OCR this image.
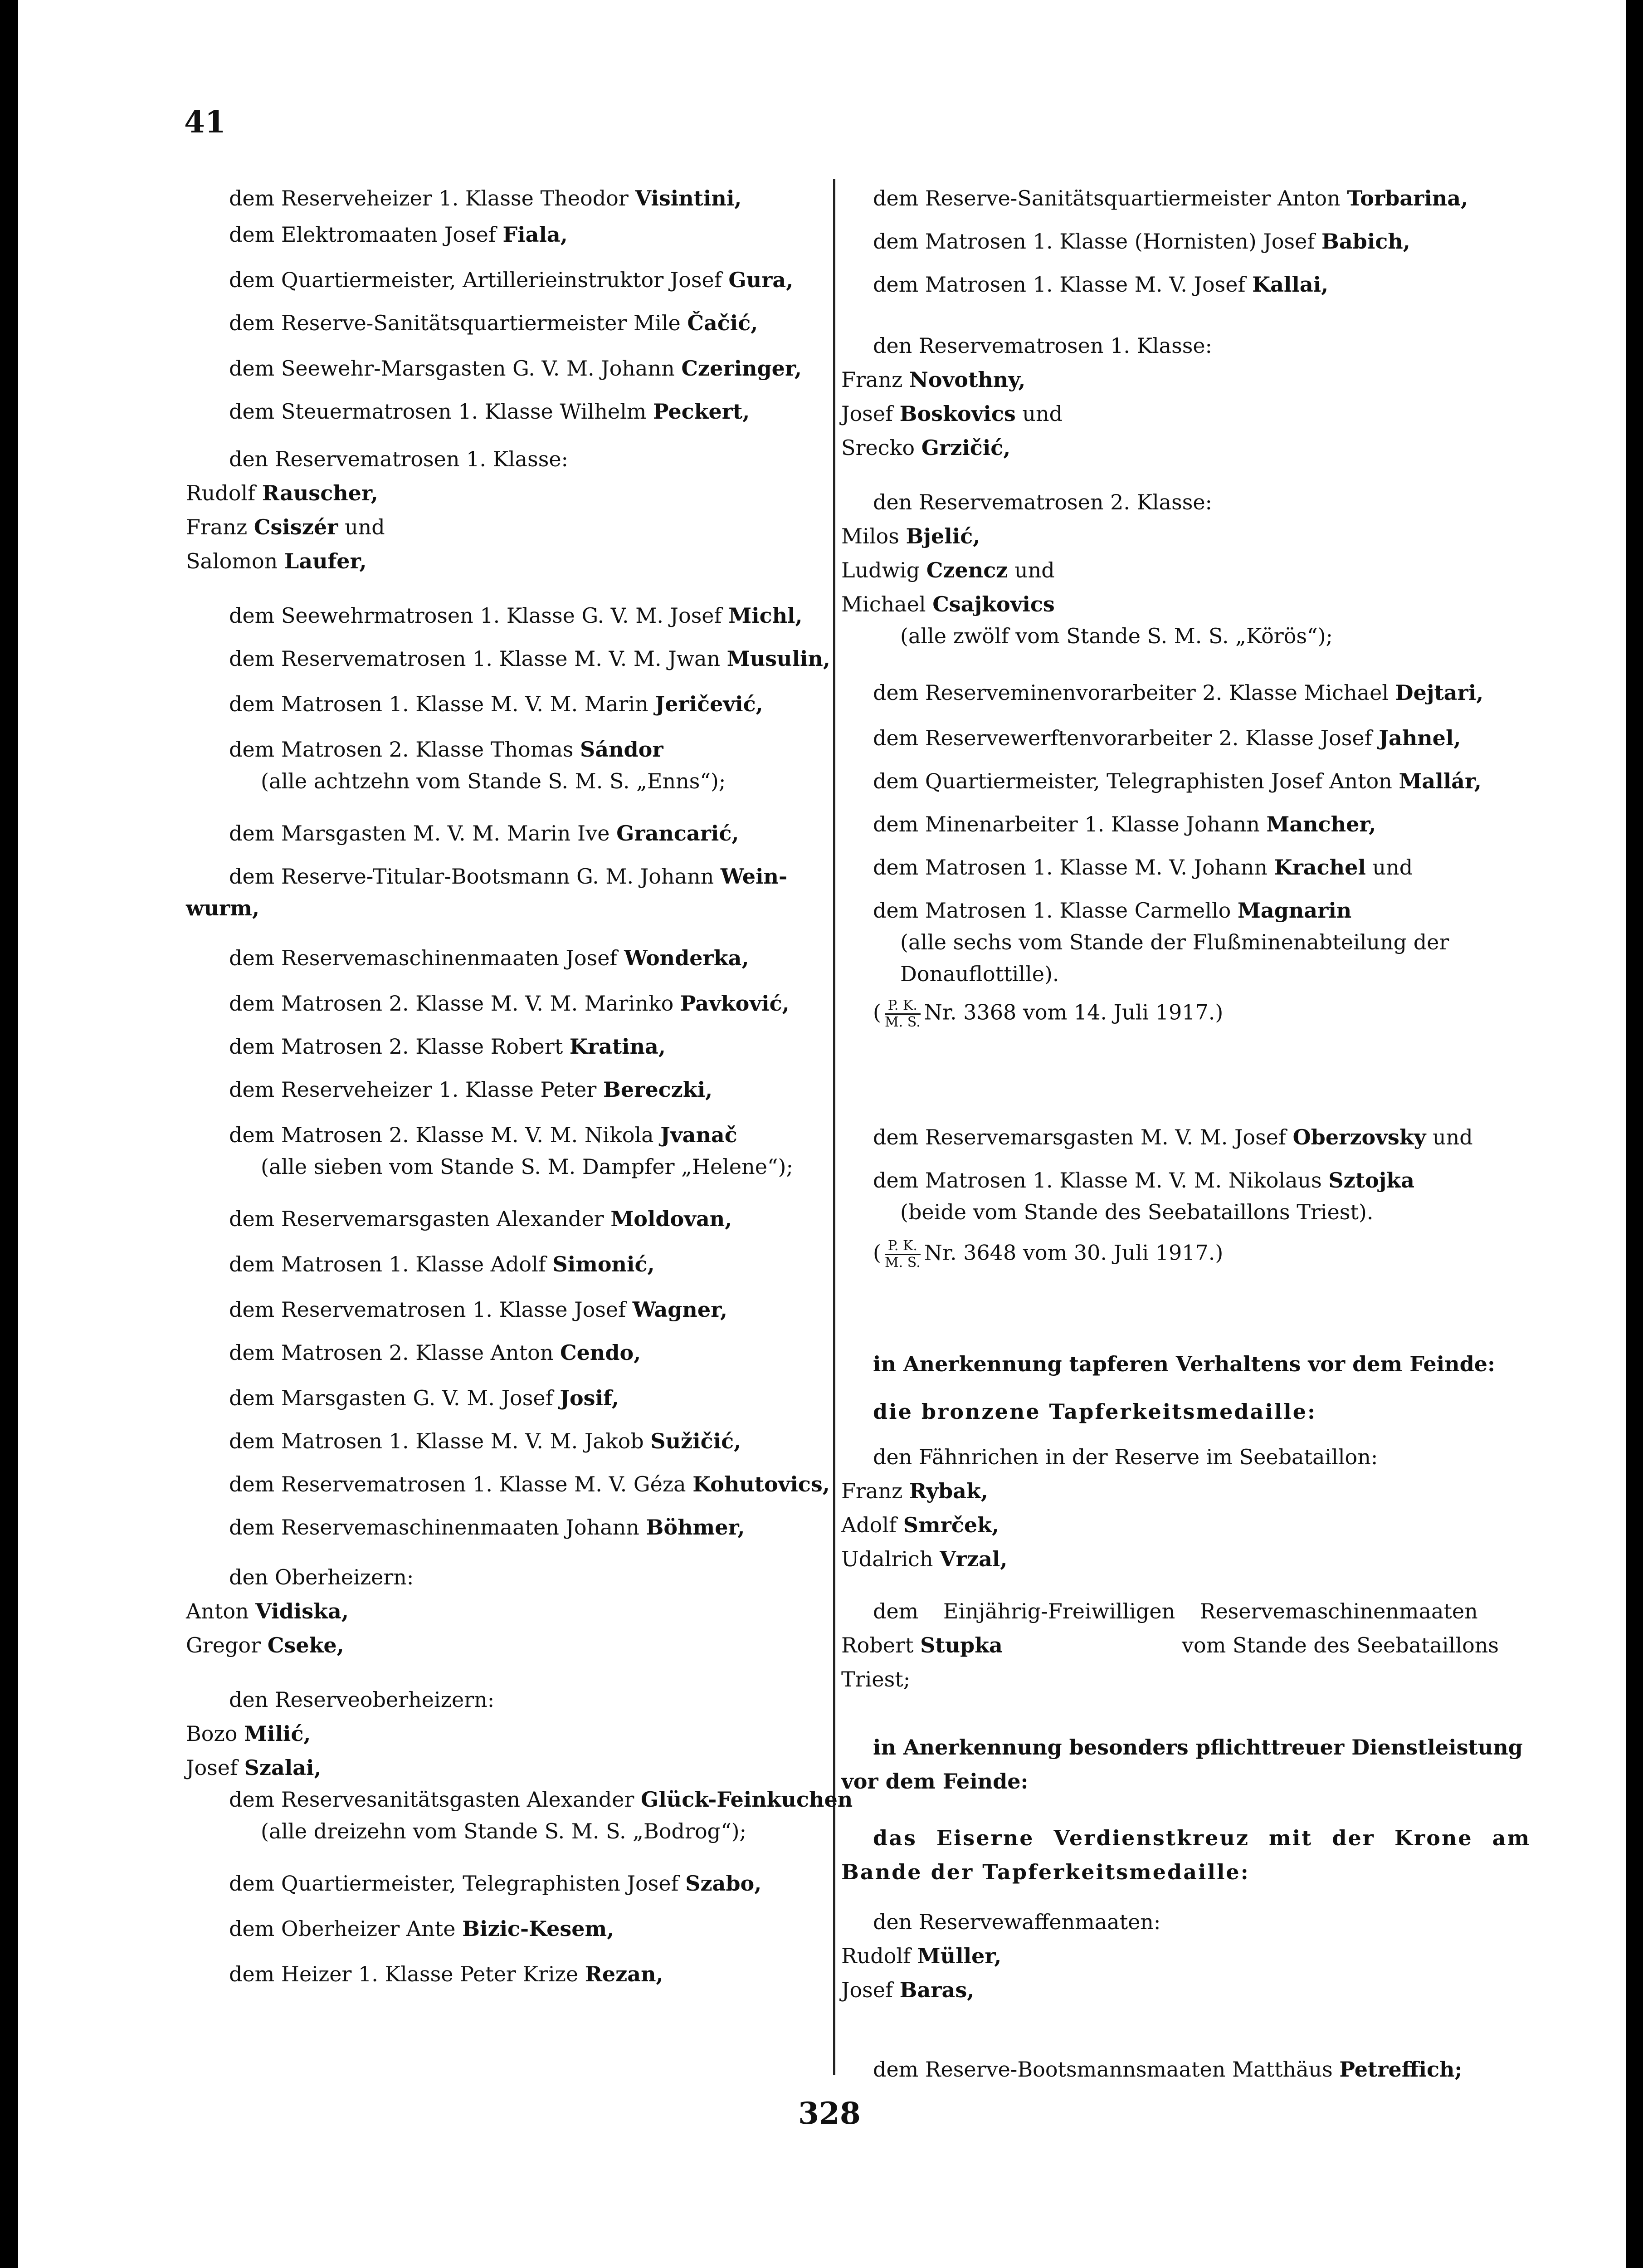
41
dem Reserveheizer 1. Klasse Theodor Visintini,
dem Elektromaaten Josef Fiala,
dem Quartiermeister, Artillerieinstruktor Josef Gura,
dem Reserve-Sanitätsquartiermeister Mile Čačić,
dem Seewehr-Marsgasten G. V. M. Johann Czeringer,
dem Steuermatrosen 1. Klasse Wilhelm Peckert,
den Reservematrosen 1. Klasse:
Rudolf Rauscher,
Franz Csiszér und
Salomon Laufer,
dem Seewehrmatrosen 1. Klasse G. V. M. Josef Michl,
dem Reservematrosen 1. Klasse M. V. M. Jwan Musulin,
dem Matrosen 1. Klasse M. V. M. Marin Jeričević,
dem Matrosen 2. Klasse Thomas Sándor
(alle achtzehn vom Stande S. M. S. „Enns“);
dem Marsgasten M. V. M. Marin Ive Grancarić,
dem Reserve-Titular-Bootsmann G. M. Johann Wein-
wurm,
dem Reservemaschinenmaaten Josef Wonderka,
dem Matrosen 2. Klasse M. V. M. Marinko Pavković,
dem Matrosen 2. Klasse Robert Kratina,
dem Reserveheizer 1. Klasse Peter Bereczki,
dem Matrosen 2. Klasse M. V. M. Nikola Jvanač
(alle sieben vom Stande S. M. Dampfer „Helene“);
dem Reservemarsgasten Alexander Moldovan,
dem Matrosen 1. Klasse Adolf Simonić,
dem Reservematrosen 1. Klasse Josef Wagner,
dem Matrosen 2. Klasse Anton Cendo,
dem Marsgasten G. V. M. Josef Josif,
dem Matrosen 1. Klasse M. V. M. Jakob Sužičić,
dem Reservematrosen 1. Klasse M. V. Géza Kohutovics,
dem Reservemaschinenmaaten Johann Böhmer,
den Oberheizern:
Anton Vidiska,
Gregor Cseke,
den Reserveoberheizern:
Bozo Milić,
Josef Szalai,
dem Reservesanitätsgasten Alexander Glück-Feinkuchen
(alle dreizehn vom Stande S. M. S. „Bodrog“);
dem Quartiermeister, Telegraphisten Josef Szabo,
dem Oberheizer Ante Bizic-Kesem,
dem Heizer 1. Klasse Peter Krize Rezan,
dem Reserve-Sanitätsquartiermeister Anton Torbarina,
dem Matrosen 1. Klasse (Hornisten) Josef Babich,
dem Matrosen 1. Klasse M. V. Josef Kallai,
den Reservematrosen 1. Klasse:
Franz Novothny,
Josef Boskovics und
Srecko Grzičić,
den Reservematrosen 2. Klasse:
Milos Bjelić,
Ludwig Czencz und
Michael Csajkovics
(alle zwölf vom Stande S. M. S. „Körös“);
dem Reserveminenvorarbeiter 2. Klasse Michael Dejtari,
dem Reservewerftenvorarbeiter 2. Klasse Josef Jahnel,
dem Quartiermeister, Telegraphisten Josef Anton Mallár,
dem Minenarbeiter 1. Klasse Johann Mancher,
dem Matrosen 1. Klasse M. V. Johann Krachel und
dem Matrosen 1. Klasse Carmello Magnarin
(alle sechs vom Stande der Flußminenabteilung der
Donauflottille).
( $\frac{P. K.}{M. S.} Nr$. 3368 vom 14. Juli 1917.)
dem Reservemarsgasten M. V. M. Josef Oberzovsky und
dem Matrosen 1. Klasse M. V. M. Nikolaus Sztojka
(beide vom Stande des Seebataillons Triest).
( $\frac{P. K.}{M. S.} Nr$. 3648 vom 30. Juli 1917.)
in Anerkennung tapferen Verhaltens vor dem Feinde:
die bronzene Tapferkeitsmedaille:
den Fähnrichen in der Reserve im Seebataillon:
Franz Rybak,
Adolf Smrček,
Udalrich Vrzal,
dem Einjährig-Freiwilligen Reservemaschinenmaaten
Robert Stupka	vom Stande des Seebataillons
Triest;
in Anerkennung besonders pflichttreuer Dienstleistung
vor dem Feinde:
das Eiserne Verdienstkreuz mit der Krone am
Bande der Tapferkeitsmedaille:
den Reservewaffenmaaten:
Rudolf Müller,
Josef Baras,
dem Reserve-Bootsmannsmaaten Matthäus Petreffich;
328
